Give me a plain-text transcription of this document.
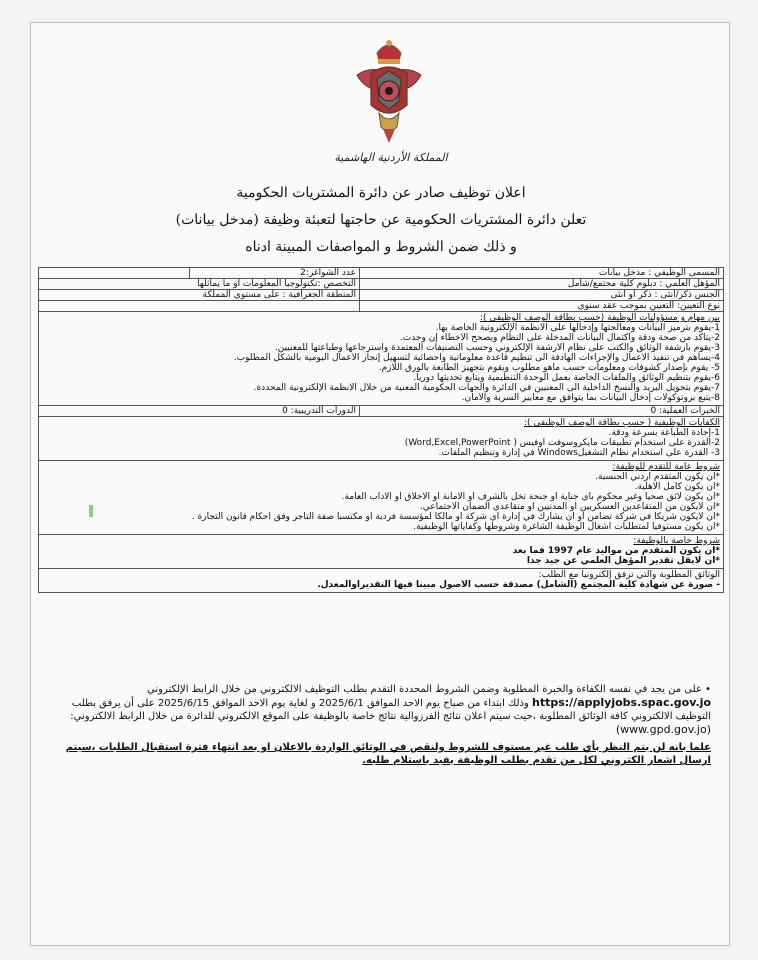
المملكة الأردنية الهاشمية
اعلان توظيف صادر عن دائرة المشتريات الحكومية
تعلن دائرة المشتريات الحكومية عن حاجتها لتعبئة وظيفة (مدخل بيانات)
و ذلك ضمن الشروط و المواصفات المبينة ادناه
المسمى الوظيفي : مدخل بيانات
عدد الشواغر:2
المؤهل العلمي : دبلوم كلية مجتمع/شامل
التخصص :تكنولوجيا المعلومات أو ما يماثلها
الجنس ذكر/أنثى : ذكر أو أنثى
المنطقة الجغرافية : على مستوى المملكة
نوع التعيين: التعيين بموجب عقد سنوي
بين مهام و مسؤوليات الوظيفة (حسب بطاقة الوصف الوظيفي ):
1-يقوم بترميز البيانات ومعالجتها وإدخالها على الأنظمة الإلكترونية الخاصة بها.
2-يتأكد من صحة ودقة واكتمال البيانات المدخلة على النظام ويصحح الأخطاء إن وجدت.
3-يقوم بأرشفة الوثائق والكتب على نظام الأرشفة الإلكتروني وحسب التصنيفات المعتمدة واسترجاعها وطباعتها للمعنيين.
4-يساهم في تنفيذ الأعمال والإجراءات الهادفة الى تنظيم قاعدة معلوماتية واحصائية لتسهيل إنجاز الأعمال اليومية بالشكل المطلوب.
5- يقوم بإصدار كشوفات ومعلومات حسب ماهو مطلوب ويقوم بتجهيز الطابعة بالورق اللازم.
6-يقوم بتنظيم الوثائق والملفات الخاصة بعمل الوحدة التنظيمية ويتابع تحديثها دوريا.
7-يقوم بتحويل البريد والنسخ الداخلية الى المعنيين في الدائرة والجهات الحكومية المعنية من خلال الأنظمة الإلكترونية المحددة.
8-يتبع بروتوكولات إدخال البيانات بما يتوافق مع معايير السرية والأمان.
الخبرات العملية: 0
الدورات التدريبية: 0
الكفايات الوظيفية ( حسب بطاقة الوصف الوظيفي ):
1-إجادة الطباعة بسرعة ودقة.
2-القدرة على استخدام تطبيقات مايكروسوفت أوفيس ( Word,Excel,PowerPoint)
3- القدرة على استخدام نظام التشغيلWindows في إدارة وتنظيم الملفات.
شروط عامة للتقدم للوظيفة:
*أن يكون المتقدم أردني الجنسية.
*أن يكون كامل الأهلية.
*أن يكون لائق صحياً وغير محكوم بأي جناية أو جنحة تخل بالشرف أو الامانة او الاخلاق او الاداب العامة.
*أن لايكون من المتقاعدين العسكريين او المدنيين او متقاعدي الضمان الاجتماعي.
*أن لايكون شريكاً في شركة تضامن أو أن يشارك في إدارة أي شركة أو مالكاً لمؤسسة فردية أو مكتسباً صفة التاجر وفق أحكام قانون التجارة .
*أن يكون مستوفياً لمتطلبات اشغال الوظيفة الشاغرة وشروطها وكفاياتها الوظيفية.
شروط خاصة بالوظيفة:
*أن يكون المتقدم من مواليد عام 1997 فما بعد
*أن لايقل تقدير المؤهل العلمي عن جيد جدا
الوثائق المطلوبة والتي ترفق إلكترونيا مع الطلب:
- صورة عن شهادة كلية المجتمع (الشامل) مصدقة حسب الأصول مبيناً فيها التقديرأوالمعدل.

• على من يجد في نفسه الكفاءة والخبرة المطلوبة وضمن الشروط المحددة التقدم بطلب التوظيف الالكتروني من خلال الرابط الإلكتروني https://applyjobs.spac.gov.jo وذلك ابتداء من صباح يوم الاحد الموافق 2025/6/1 و لغاية يوم الاحد الموافق 2025/6/15 على أن يرفق بطلب التوظيف الالكتروني كافة الوثائق المطلوبة ،حيث سيتم اعلان نتائج الفرزوالية نتائج خاصة بالوظيفة على الموقع الالكتروني للدائرة من خلال الرابط الالكتروني: (www.gpd.gov.jo)

علما بانه لن يتم النظر بأي طلب غير مستوف للشروط ولنقص في الوثائق الواردة بالاعلان او بعد انتهاء فترة استقبال الطلبات ،سيتم ارسال اشعار الكتروني لكل من تقدم بطلب الوظيفة يفيد باستلام طلبه.
